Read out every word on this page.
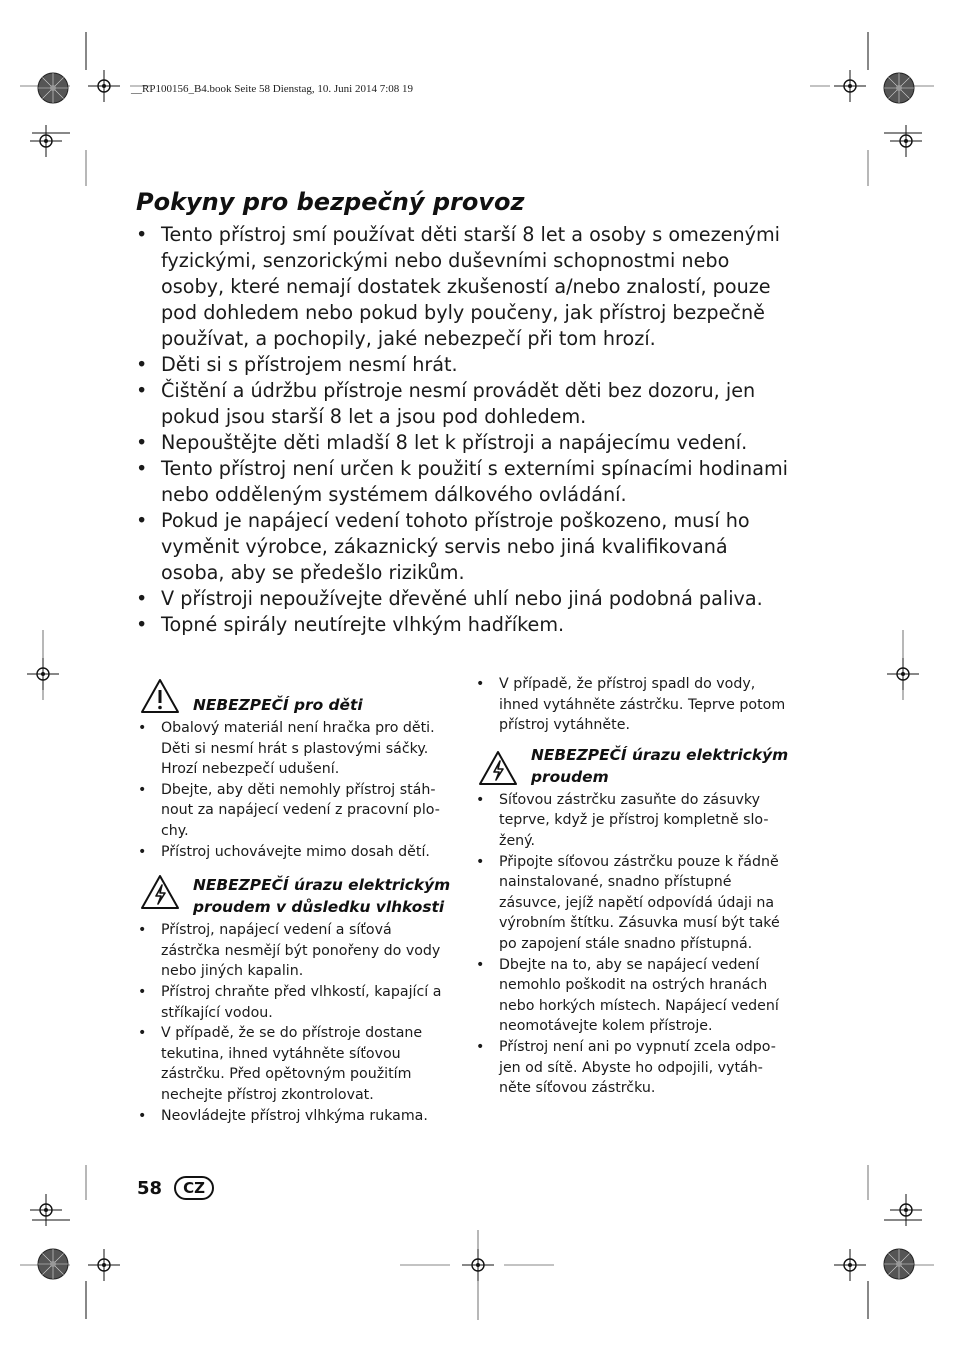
__RP100156_B4.book Seite 58 Dienstag, 10. Juni 2014 7:08 19
Pokyny pro bezpečný provoz
• Tento přístroj smí používat děti starší 8 let a osoby s omezenými fyzickými, senzorickými nebo duševními schopnostmi nebo osoby, které nemají dostatek zkušeností a/nebo znalostí, pouze pod dohledem nebo pokud byly poučeny, jak přístroj bezpečně používat, a pochopily, jaké nebezpečí při tom hrozí.
• Děti si s přístrojem nesmí hrát.
• Čištění a údržbu přístroje nesmí provádět děti bez dozoru, jen pokud jsou starší 8 let a jsou pod dohledem.
• Nepouštějte děti mladší 8 let k přístroji a napájecímu vedení.
• Tento přístroj není určen k použití s externími spínacími hodinami nebo odděleným systémem dálkového ovládání.
• Pokud je napájecí vedení tohoto přístroje poškozeno, musí ho vyměnit výrobce, zákaznický servis nebo jiná kvalifikovaná osoba, aby se předešlo rizikům.
• V přístroji nepoužívejte dřevěné uhlí nebo jiná podobná paliva.
• Topné spirály neutírejte vlhkým hadříkem.
NEBEZPEČÍ pro děti
• Obalový materiál není hračka pro děti. Děti si nesmí hrát s plastovými sáčky. Hrozí nebezpečí udušení.
• Dbejte, aby děti nemohly přístroj stáh- nout za napájecí vedení z pracovní plo- chy.
• Přístroj uchovávejte mimo dosah dětí.
NEBEZPEČÍ úrazu elektrickým proudem v důsledku vlhkosti
• Přístroj, napájecí vedení a síťová zástrčka nesmějí být ponořeny do vody nebo jiných kapalin.
• Přístroj chraňte před vlhkostí, kapající a stříkající vodou.
• V případě, že se do přístroje dostane tekutina, ihned vytáhněte síťovou zástrčku. Před opětovným použitím nechejte přístroj zkontrolovat.
• Neovládejte přístroj vlhkýma rukama.
• V případě, že přístroj spadl do vody, ihned vytáhněte zástrčku. Teprve potom přístroj vytáhněte.
NEBEZPEČÍ úrazu elektrickým proudem
• Síťovou zástrčku zasuňte do zásuvky teprve, když je přístroj kompletně slo- žený.
• Připojte síťovou zástrčku pouze k řádně nainstalované, snadno přístupné zásuvce, jejíž napětí odpovídá údaji na výrobním štítku. Zásuvka musí být také po zapojení stále snadno přístupná.
• Dbejte na to, aby se napájecí vedení nemohlo poškodit na ostrých hranách nebo horkých místech. Napájecí vedení neomotávejte kolem přístroje.
• Přístroj není ani po vypnutí zcela odpo- jen od sítě. Abyste ho odpojili, vytáh- něte síťovou zástrčku.
58	CZ
